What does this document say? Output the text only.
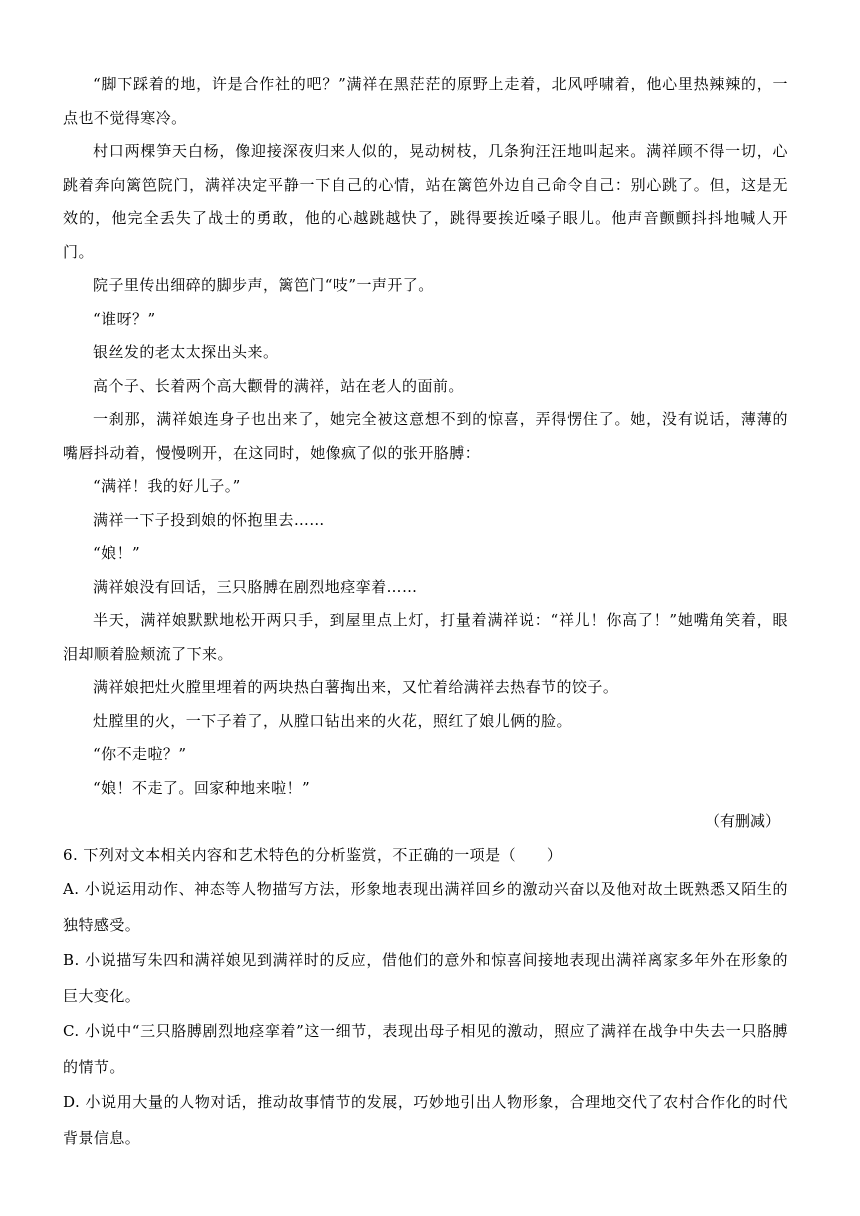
“脚下踩着的地，许是合作社的吧？”满祥在黑茫茫的原野上走着，北风呼啸着，他心里热辣辣的，一点也不觉得寒冷。

村口两棵笋天白杨，像迎接深夜归来人似的，晃动树枝，几条狗汪汪地叫起来。满祥顾不得一切，心跳着奔向篱笆院门，满祥决定平静一下自己的心情，站在篱笆外边自己命令自己：别心跳了。但，这是无效的，他完全丢失了战士的勇敢，他的心越跳越快了，跳得要挨近嗓子眼儿。他声音颤颤抖抖地喊人开门。

院子里传出细碎的脚步声，篱笆门“吱”一声开了。

“谁呀？”

银丝发的老太太探出头来。

高个子、长着两个高大颧骨的满祥，站在老人的面前。

一刹那，满祥娘连身子也出来了，她完全被这意想不到的惊喜，弄得愣住了。她，没有说话，薄薄的嘴唇抖动着，慢慢咧开，在这同时，她像疯了似的张开胳膊：

“满祥！我的好儿子。”

满祥一下子投到娘的怀抱里去……

“娘！”

满祥娘没有回话，三只胳膊在剧烈地痉挛着……

半天，满祥娘默默地松开两只手，到屋里点上灯，打量着满祥说：“祥儿！你高了！”她嘴角笑着，眼泪却顺着脸颊流了下来。

满祥娘把灶火膛里埋着的两块热白薯掏出来，又忙着给满祥去热春节的饺子。

灶膛里的火，一下子着了，从膛口钻出来的火花，照红了娘儿俩的脸。

“你不走啦？”

“娘！不走了。回家种地来啦！”

（有删减）

6. 下列对文本相关内容和艺术特色的分析鉴赏，不正确的一项是（　　）

A. 小说运用动作、神态等人物描写方法，形象地表现出满祥回乡的激动兴奋以及他对故土既熟悉又陌生的独特感受。

B. 小说描写朱四和满祥娘见到满祥时的反应，借他们的意外和惊喜间接地表现出满祥离家多年外在形象的巨大变化。

C. 小说中“三只胳膊剧烈地痉挛着”这一细节，表现出母子相见的激动，照应了满祥在战争中失去一只胳膊的情节。

D. 小说用大量的人物对话，推动故事情节的发展，巧妙地引出人物形象，合理地交代了农村合作化的时代背景信息。
